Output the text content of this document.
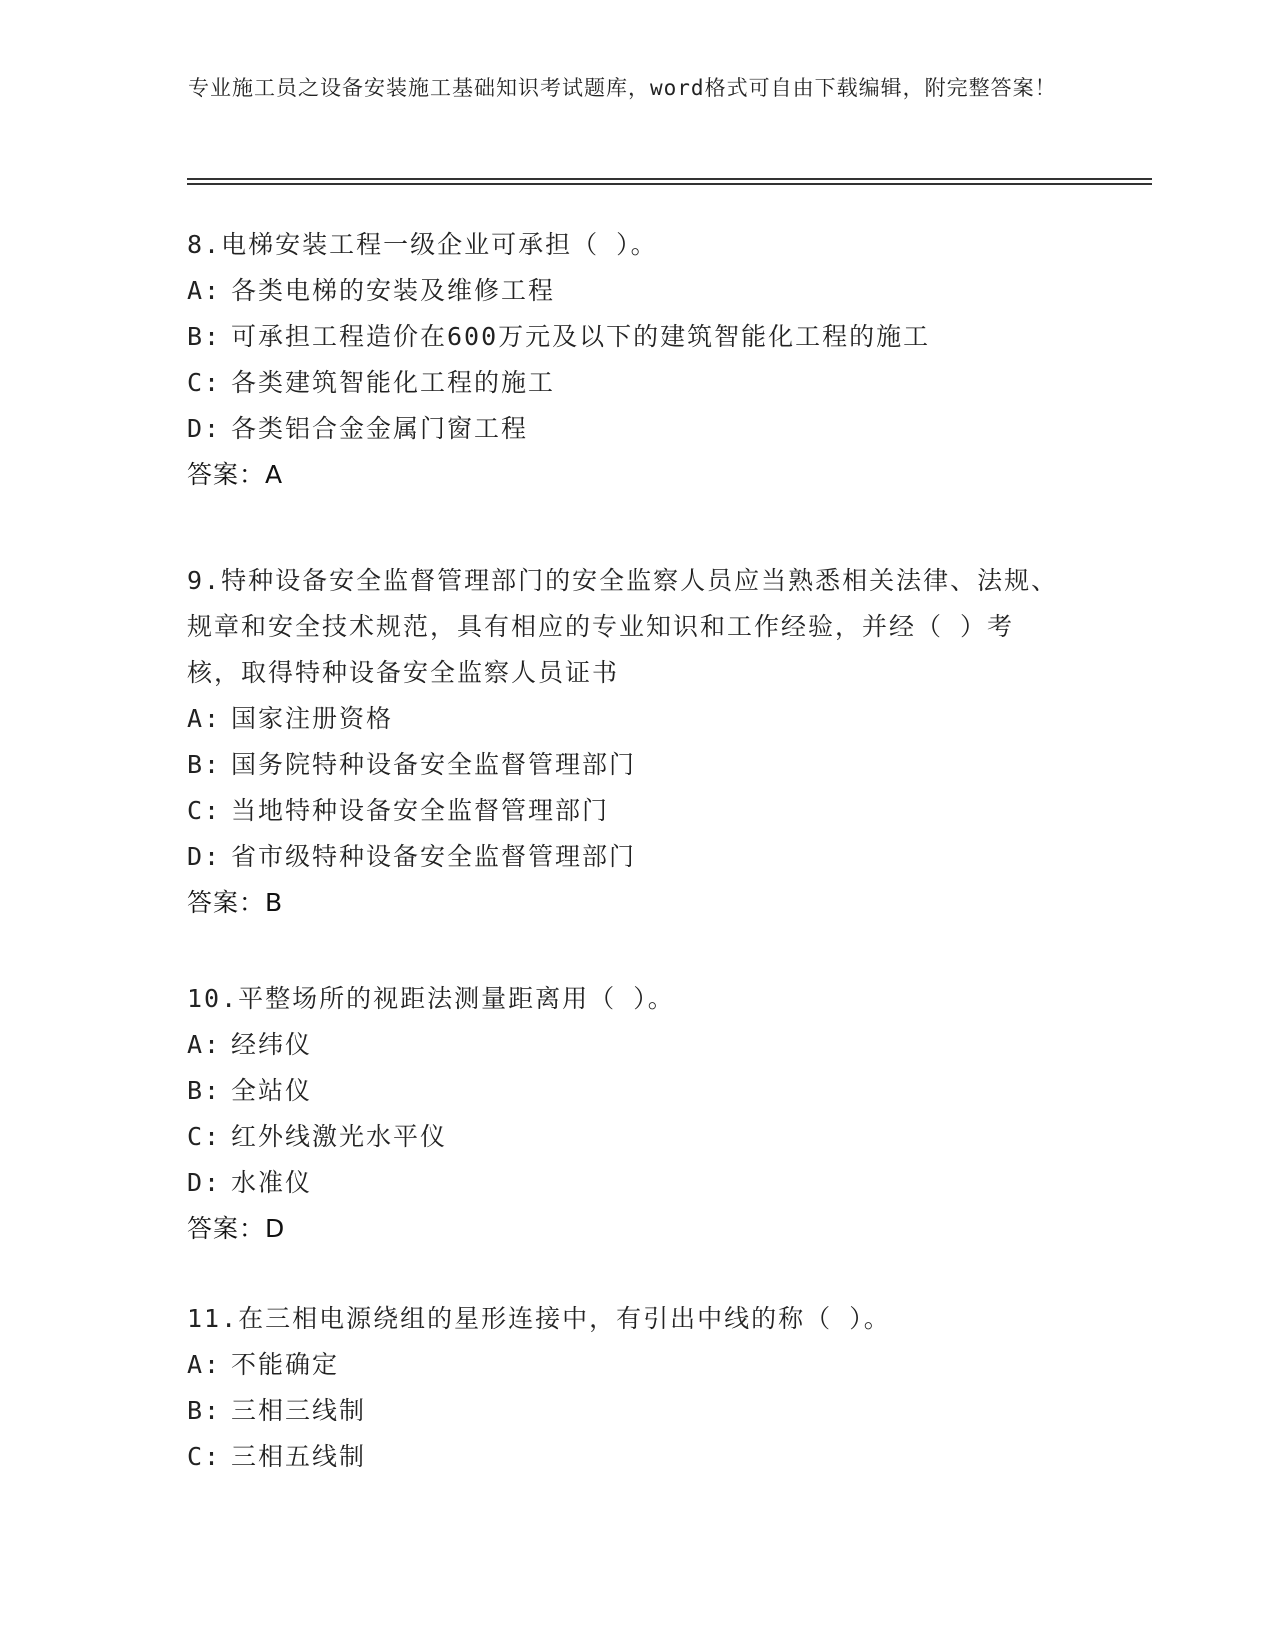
专业施工员之设备安装施工基础知识考试题库，word格式可自由下载编辑，附完整答案！
8.电梯安装工程一级企业可承担（ ）。
A: 各类电梯的安装及维修工程
B: 可承担工程造价在600万元及以下的建筑智能化工程的施工
C: 各类建筑智能化工程的施工
D: 各类铝合金金属门窗工程
答案：A
9.特种设备安全监督管理部门的安全监察人员应当熟悉相关法律、法规、规章和安全技术规范，具有相应的专业知识和工作经验，并经（ ）考核，取得特种设备安全监察人员证书
A: 国家注册资格
B: 国务院特种设备安全监督管理部门
C: 当地特种设备安全监督管理部门
D: 省市级特种设备安全监督管理部门
答案：B
10.平整场所的视距法测量距离用（ ）。
A: 经纬仪
B: 全站仪
C: 红外线激光水平仪
D: 水准仪
答案：D
11.在三相电源绕组的星形连接中，有引出中线的称（ ）。
A: 不能确定
B: 三相三线制
C: 三相五线制
